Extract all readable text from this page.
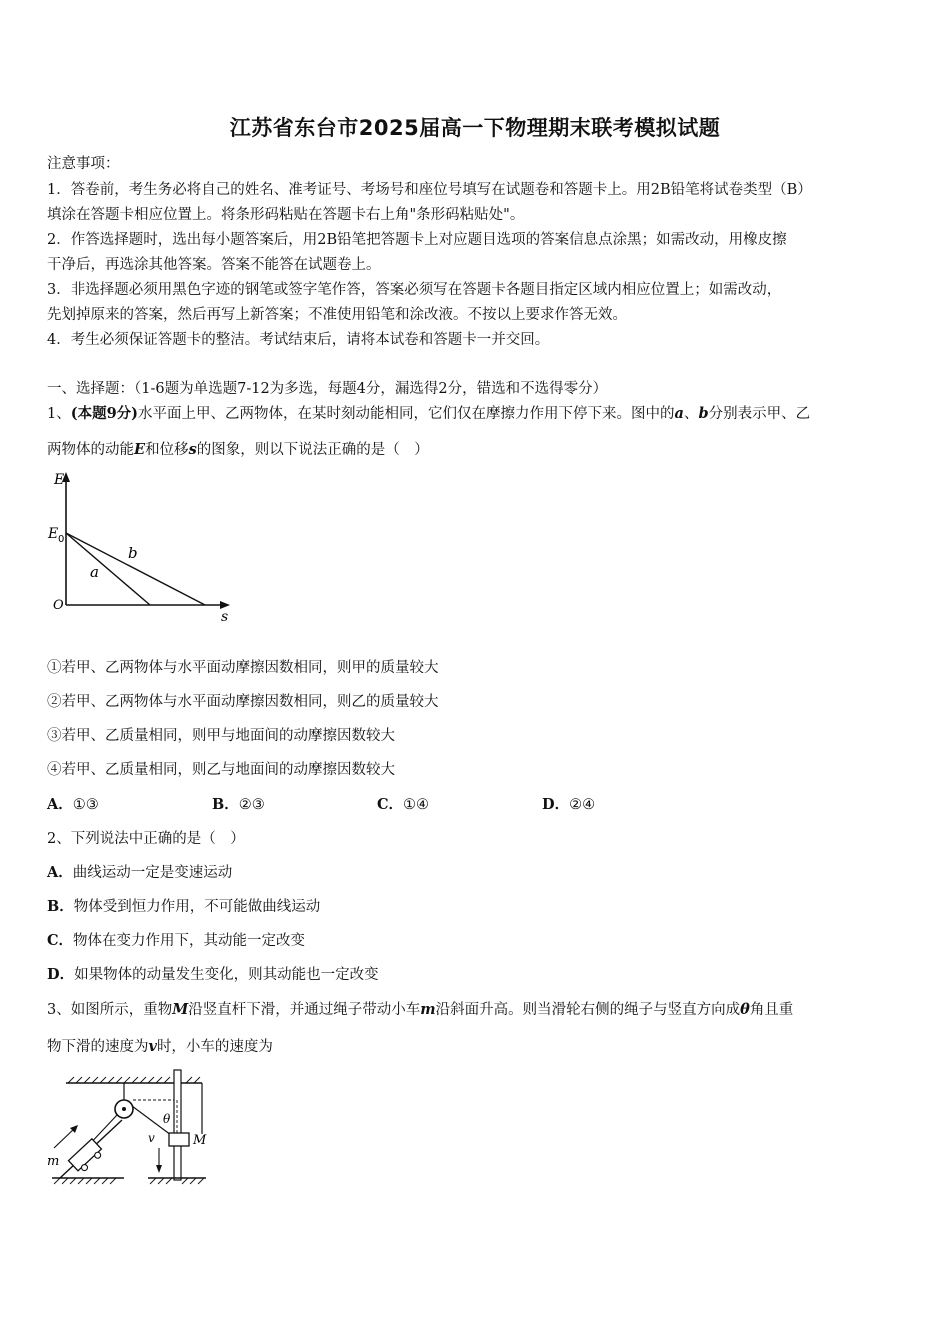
江苏省东台市2025届高一下物理期末联考模拟试题
注意事项：
1．答卷前，考生务必将自己的姓名、准考证号、考场号和座位号填写在试题卷和答题卡上。用2B铅笔将试卷类型（B）
填涂在答题卡相应位置上。将条形码粘贴在答题卡右上角"条形码粘贴处"。
2．作答选择题时，选出每小题答案后，用2B铅笔把答题卡上对应题目选项的答案信息点涂黑；如需改动，用橡皮擦
干净后，再选涂其他答案。答案不能答在试题卷上。
3．非选择题必须用黑色字迹的钢笔或签字笔作答，答案必须写在答题卡各题目指定区域内相应位置上；如需改动，
先划掉原来的答案，然后再写上新答案；不准使用铅笔和涂改液。不按以上要求作答无效。
4．考生必须保证答题卡的整洁。考试结束后，请将本试卷和答题卡一并交回。
一、选择题：（1-6题为单选题7-12为多选，每题4分，漏选得2分，错选和不选得零分）
1、(本题9分)水平面上甲、乙两物体，在某时刻动能相同，它们仅在摩擦力作用下停下来。图中的a、b分别表示甲、乙
两物体的动能E和位移s的图象，则以下说法正确的是（　）
E
E 0
O
s
a
b
①若甲、乙两物体与水平面动摩擦因数相同，则甲的质量较大
②若甲、乙两物体与水平面动摩擦因数相同，则乙的质量较大
③若甲、乙质量相同，则甲与地面间的动摩擦因数较大
④若甲、乙质量相同，则乙与地面间的动摩擦因数较大
A．①③	B．②③	C．①④	D．②④
2、下列说法中正确的是（　）
A．曲线运动一定是变速运动
B．物体受到恒力作用，不可能做曲线运动
C．物体在变力作用下，其动能一定改变
D．如果物体的动量发生变化，则其动能也一定改变
3、如图所示，重物M沿竖直杆下滑，并通过绳子带动小车m沿斜面升高。则当滑轮右侧的绳子与竖直方向成θ角且重
物下滑的速度为v时，小车的速度为
m
M
v
θ
